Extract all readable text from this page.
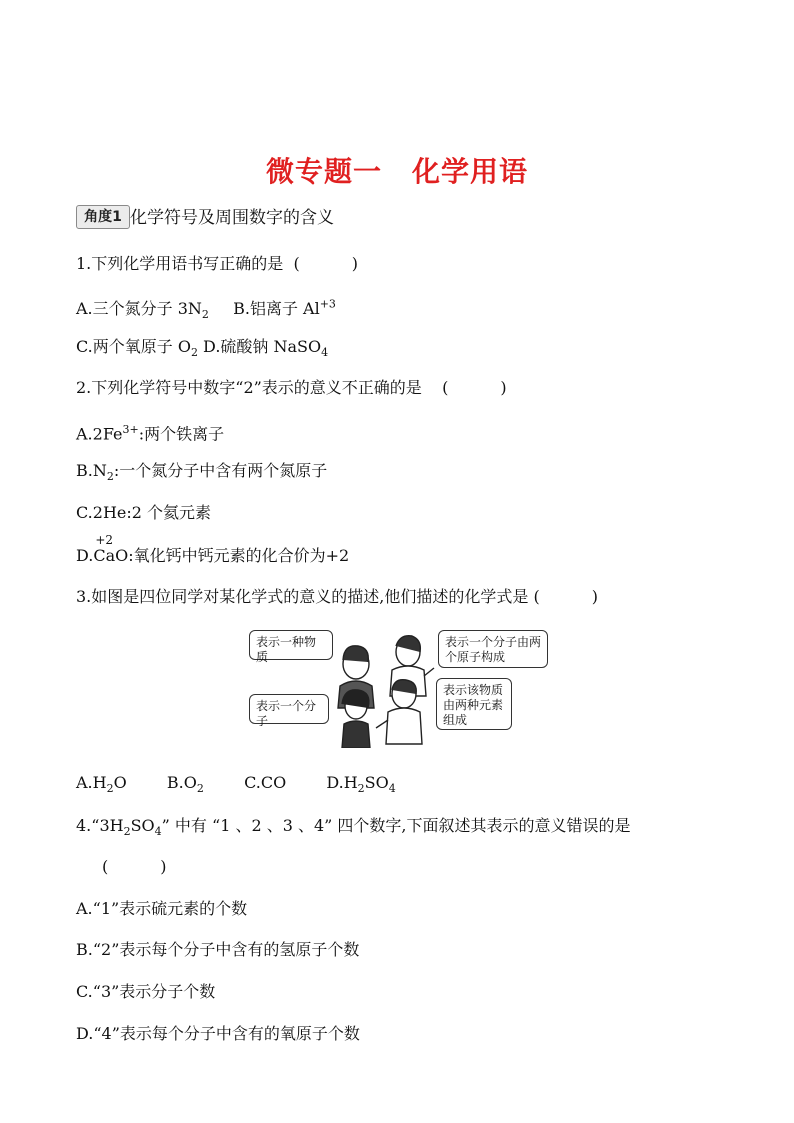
微专题一 化学用语
角度1 化学符号及周围数字的含义
1.下列化学用语书写正确的是 (	)
A.三个氮分子 $3N_2$ B.铝离子 $Al^{+3}$
C.两个氧原子 $O_2$ D.硫酸钠 NaSO$_4$
2.下列化学符号中数字“2”表示的意义不正确的是 (	)
$A.2Fe^{3+}$:两个铁离子
$B.N_2$:一个氮分子中含有两个氮原子
C.2He:2 个氦元素
D.
+2
CaO:氧化钙中钙元素的化合价为+2
3.如图是四位同学对某化学式的意义的描述,他们描述的化学式是 (	)
表示一种物质
表示一个分子由两个原子构成
表示一个分子
表示该物质由两种元素组成
$A.H_2O$	$B.O_2$	C.CO	$D.H_2SO_4$
$4.“3H_2SO_4$” 中有 “1 、2 、3 、4” 四个数字,下面叙述其表示的意义错误的是
(	)
A.“1”表示硫元素的个数
B.“2”表示每个分子中含有的氢原子个数
C.“3”表示分子个数
D.“4”表示每个分子中含有的氧原子个数
